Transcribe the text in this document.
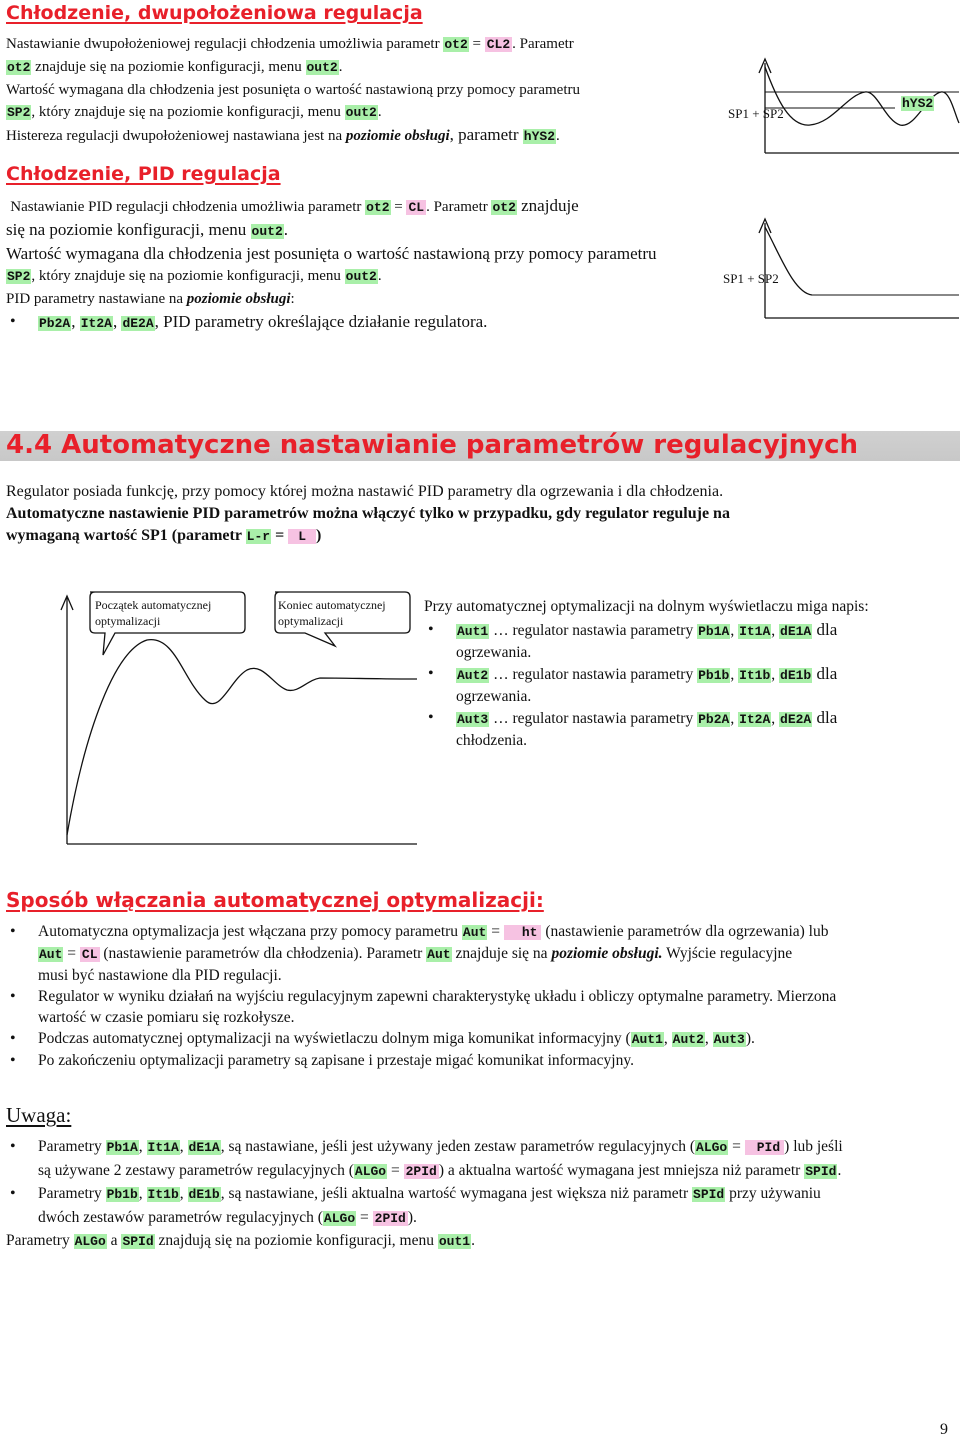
Chłodzenie, dwupołożeniowa regulacja

Nastawianie dwupołożeniowej regulacji chłodzenia umożliwia parametr ot2 = CL2 . Parametr

ot2 znajduje się na poziomie konfiguracji, menu out2.

Wartość wymagana dla chłodzenia jest posunięta o wartość nastawioną przy pomocy parametru

SP2, który znajduje się na poziomie konfiguracji, menu out2.

Histereza regulacji dwupołożeniowej nastawiana jest na poziomie obsługi, parametr hYS2.

SP1 + SP2
hYS2
Chłodzenie, PID regulacja

Nastawianie PID regulacji chłodzenia umożliwia parametr ot2 = CL . Parametr ot2 znajduje

się na poziomie konfiguracji, menu out2.

Wartość wymagana dla chłodzenia jest posunięta o wartość nastawioną przy pomocy parametru

SP2, który znajduje się na poziomie konfiguracji, menu out2.

PID parametry nastawiane na poziomie obsługi:

• Pb2A, It2A, dE2A, PID parametry określające działanie regulatora.
SP1 + SP2
4.4 Automatyczne nastawianie parametrów regulacyjnych

Regulator posiada funkcję, przy pomocy której można nastawić PID parametry dla ogrzewania i dla chłodzenia.

Automatyczne nastawienie PID parametrów można włączyć tylko w przypadku, gdy regulator reguluje na

wymaganą wartość SP1 (parametr L-r = L )

Początek automatycznej optymalizacji
Koniec automatycznej optymalizacji

Przy automatycznej optymalizacji na dolnym wyświetlaczu miga napis:

• Aut1 … regulator nastawia parametry Pb1A, It1A, dE1A dla
ogrzewania.
• Aut2 … regulator nastawia parametry Pb1b, It1b, dE1b dla
ogrzewania.
• Aut3 … regulator nastawia parametry Pb2A, It2A, dE2A dla
chłodzenia.
Sposób włączania automatycznej optymalizacji:
• Automatyczna optymalizacja jest włączana przy pomocy parametru Aut = ht (nastawienie parametrów dla ogrzewania) lub
Aut = CL (nastawienie parametrów dla chłodzenia). Parametr Aut znajduje się na poziomie obsługi. Wyjście regulacyjne
musi być nastawione dla PID regulacji.
• Regulator w wyniku działań na wyjściu regulacyjnym zapewni charakterystykę układu i obliczy optymalne parametry. Mierzona
wartość w czasie pomiaru się rozkołysze.
• Podczas automatycznej optymalizacji na wyświetlaczu dolnym miga komunikat informacyjny (Aut1, Aut2, Aut3).
• Po zakończeniu optymalizacji parametry są zapisane i przestaje migać komunikat informacyjny.
Uwaga:
• Parametry Pb1A, It1A, dE1A, są nastawiane, jeśli jest używany jeden zestaw parametrów regulacyjnych (ALGo = PId ) lub jeśli
są używane 2 zestawy parametrów regulacyjnych (ALGo = 2PId ) a aktualna wartość wymagana jest mniejsza niż parametr SPId.
• Parametry Pb1b, It1b, dE1b, są nastawiane, jeśli aktualna wartość wymagana jest większa niż parametr SPId przy używaniu
dwóch zestawów parametrów regulacyjnych (ALGo = 2PId ).

Parametry ALGo a SPId znajdują się na poziomie konfiguracji, menu out1.

9
